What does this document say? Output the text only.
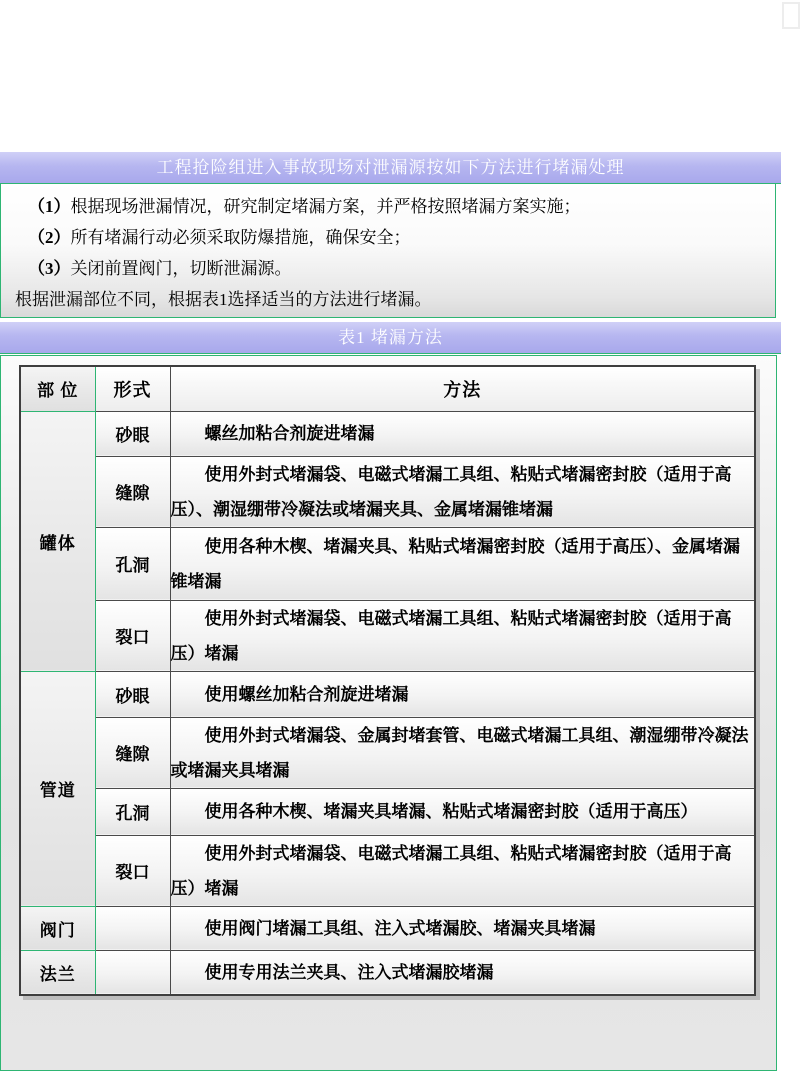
工程抢险组进入事故现场对泄漏源按如下方法进行堵漏处理
（1）根据现场泄漏情况，研究制定堵漏方案，并严格按照堵漏方案实施；
（2）所有堵漏行动必须采取防爆措施，确保安全；
（3）关闭前置阀门，切断泄漏源。
根据泄漏部位不同，根据表1选择适当的方法进行堵漏。
表1 堵漏方法
部 位	形式	方法
罐体	砂眼	螺丝加粘合剂旋进堵漏
	缝隙	使用外封式堵漏袋、电磁式堵漏工具组、粘贴式堵漏密封胶（适用于高压）、潮湿绷带冷凝法或堵漏夹具、金属堵漏锥堵漏
	孔洞	使用各种木楔、堵漏夹具、粘贴式堵漏密封胶（适用于高压）、金属堵漏锥堵漏
	裂口	使用外封式堵漏袋、电磁式堵漏工具组、粘贴式堵漏密封胶（适用于高压）堵漏
管道	砂眼	使用螺丝加粘合剂旋进堵漏
	缝隙	使用外封式堵漏袋、金属封堵套管、电磁式堵漏工具组、潮湿绷带冷凝法或堵漏夹具堵漏
	孔洞	使用各种木楔、堵漏夹具堵漏、粘贴式堵漏密封胶（适用于高压）
	裂口	使用外封式堵漏袋、电磁式堵漏工具组、粘贴式堵漏密封胶（适用于高压）堵漏
阀门		使用阀门堵漏工具组、注入式堵漏胶、堵漏夹具堵漏
法兰		使用专用法兰夹具、注入式堵漏胶堵漏
